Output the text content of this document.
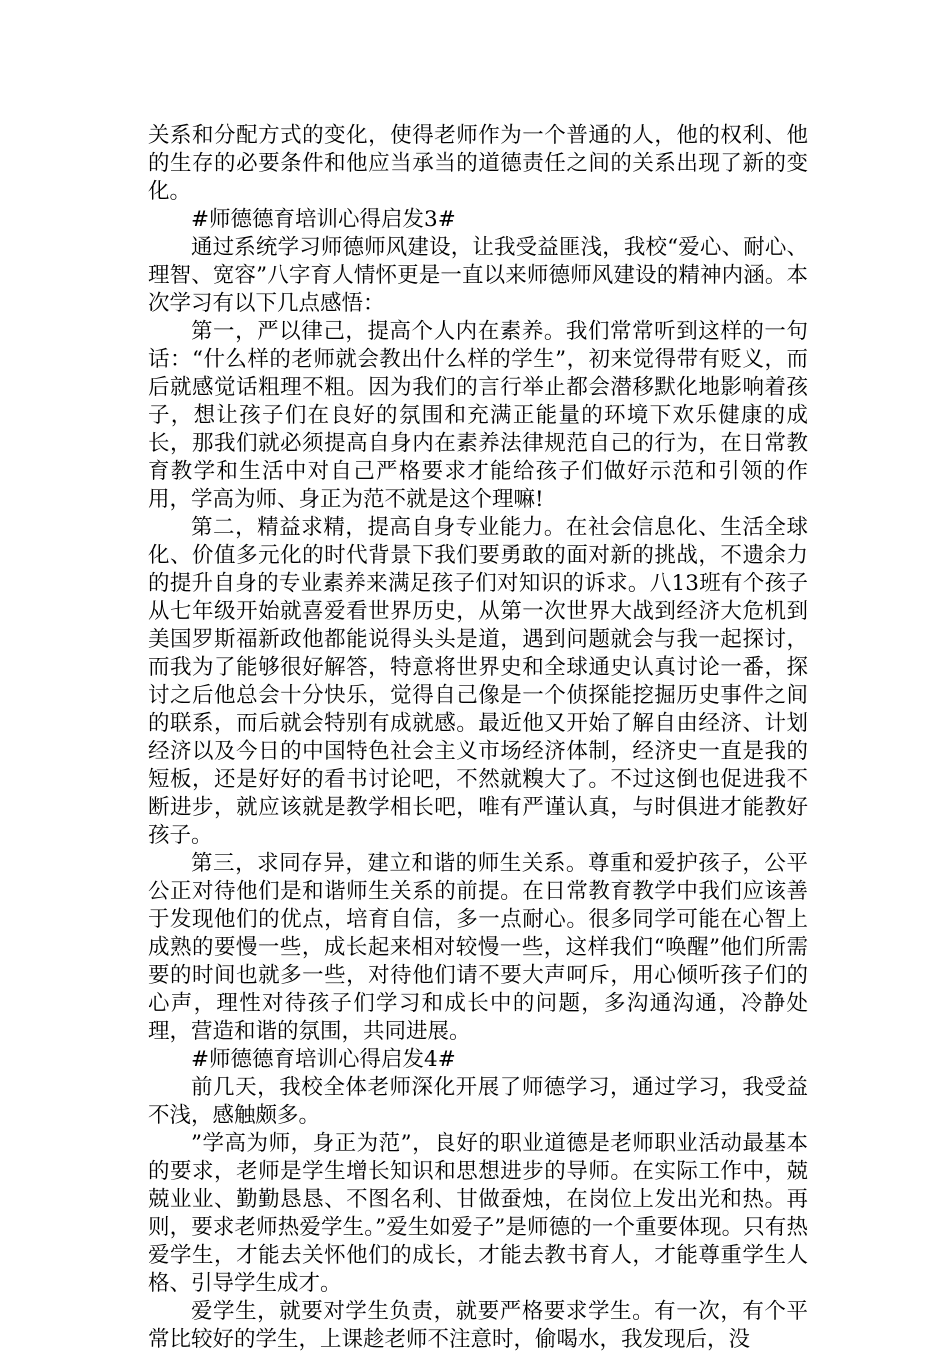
关系和分配方式的变化，使得老师作为一个普通的人，他的权利、他的生存的必要条件和他应当承当的道德责任之间的关系出现了新的变化。

#师德德育培训心得启发3#

通过系统学习师德师风建设，让我受益匪浅，我校“爱心、耐心、理智、宽容”八字育人情怀更是一直以来师德师风建设的精神内涵。本次学习有以下几点感悟：

第一，严以律己，提高个人内在素养。我们常常听到这样的一句话：“什么样的老师就会教出什么样的学生”，初来觉得带有贬义，而后就感觉话粗理不粗。因为我们的言行举止都会潜移默化地影响着孩子，想让孩子们在良好的氛围和充满正能量的环境下欢乐健康的成长，那我们就必须提高自身内在素养法律规范自己的行为，在日常教育教学和生活中对自己严格要求才能给孩子们做好示范和引领的作用，学高为师、身正为范不就是这个理嘛!

第二，精益求精，提高自身专业能力。在社会信息化、生活全球化、价值多元化的时代背景下我们要勇敢的面对新的挑战，不遗余力的提升自身的专业素养来满足孩子们对知识的诉求。八13班有个孩子从七年级开始就喜爱看世界历史，从第一次世界大战到经济大危机到美国罗斯福新政他都能说得头头是道，遇到问题就会与我一起探讨，而我为了能够很好解答，特意将世界史和全球通史认真讨论一番，探讨之后他总会十分快乐，觉得自己像是一个侦探能挖掘历史事件之间的联系，而后就会特别有成就感。最近他又开始了解自由经济、计划经济以及今日的中国特色社会主义市场经济体制，经济史一直是我的短板，还是好好的看书讨论吧，不然就糗大了。不过这倒也促进我不断进步，就应该就是教学相长吧，唯有严谨认真，与时俱进才能教好孩子。

第三，求同存异，建立和谐的师生关系。尊重和爱护孩子，公平公正对待他们是和谐师生关系的前提。在日常教育教学中我们应该善于发现他们的优点，培育自信，多一点耐心。很多同学可能在心智上成熟的要慢一些，成长起来相对较慢一些，这样我们“唤醒”他们所需要的时间也就多一些，对待他们请不要大声呵斥，用心倾听孩子们的心声，理性对待孩子们学习和成长中的问题，多沟通沟通，冷静处理，营造和谐的氛围，共同进展。

#师德德育培训心得启发4#

前几天，我校全体老师深化开展了师德学习，通过学习，我受益不浅，感触颇多。

”学高为师，身正为范”，良好的职业道德是老师职业活动最基本的要求，老师是学生增长知识和思想进步的导师。在实际工作中，兢兢业业、勤勤恳恳、不图名利、甘做蚕烛，在岗位上发出光和热。再则，要求老师热爱学生。”爱生如爱子”是师德的一个重要体现。只有热爱学生，才能去关怀他们的成长，才能去教书育人，才能尊重学生人格、引导学生成才。

爱学生，就要对学生负责，就要严格要求学生。有一次，有个平常比较好的学生，上课趁老师不注意时，偷喝水，我发现后，没
